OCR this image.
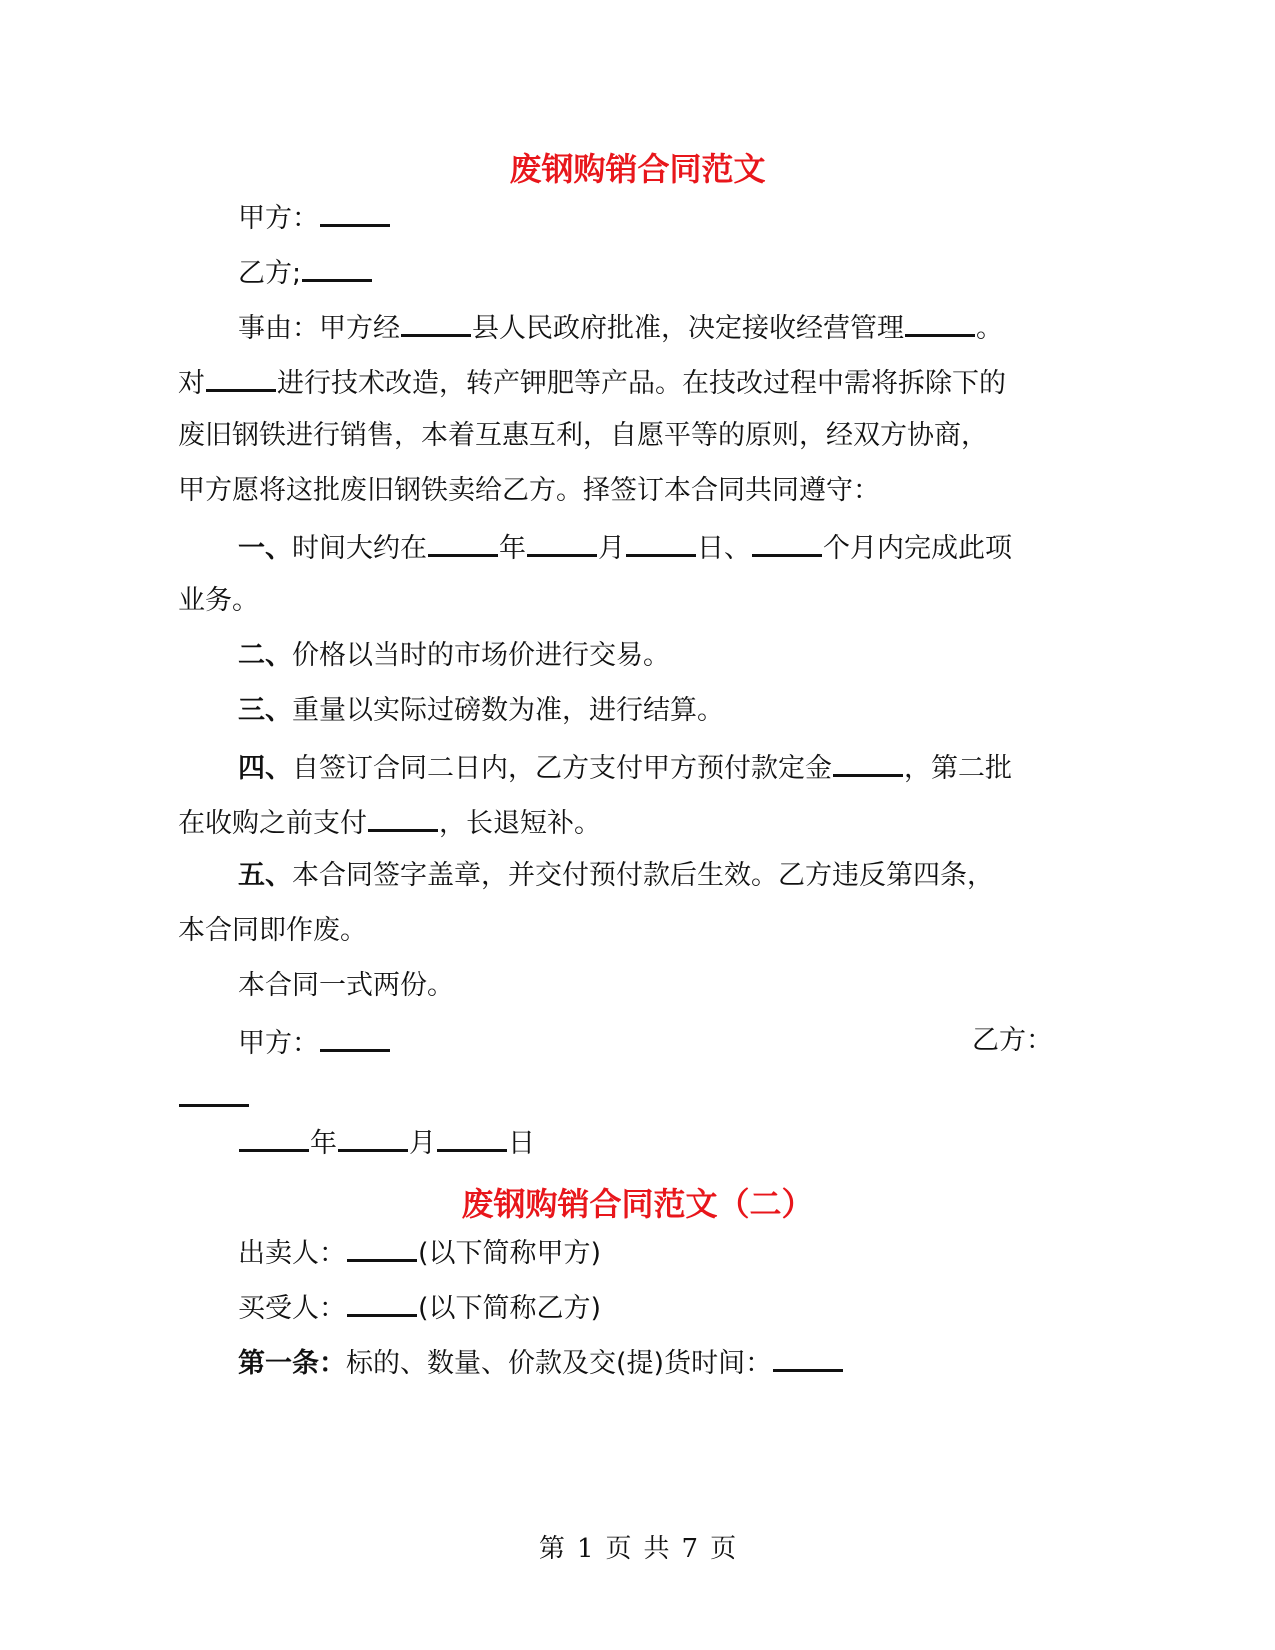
废钢购销合同范文
甲方：
乙方;
事由：甲方经	县人民政府批准，决定接收经营管理	。
对	进行技术改造，转产钾肥等产品。在技改过程中需将拆除下的
废旧钢铁进行销售，本着互惠互利，自愿平等的原则，经双方协商，
甲方愿将这批废旧钢铁卖给乙方。择签订本合同共同遵守：
一、时间大约在	年	月	日、	个月内完成此项
业务。
二、价格以当时的市场价进行交易。
三、重量以实际过磅数为准，进行结算。
四、自签订合同二日内，乙方支付甲方预付款定金	，第二批
在收购之前支付	，长退短补。
五、本合同签字盖章，并交付预付款后生效。乙方违反第四条，
本合同即作废。
本合同一式两份。
甲方：	乙方：
年	月	日
废钢购销合同范文（二）
出卖人：	(以下简称甲方)
买受人：	(以下简称乙方)
第一条：标的、数量、价款及交(提)货时间：
第 1 页 共 7 页
